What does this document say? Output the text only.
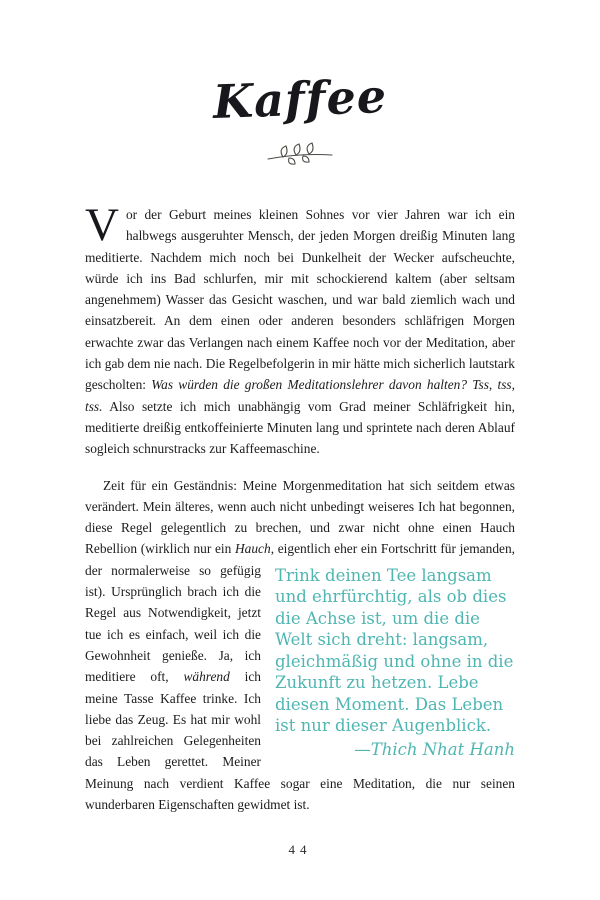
Kaffee

Vor der Geburt meines kleinen Sohnes vor vier Jahren war ich ein halbwegs ausgeruhter Mensch, der jeden Morgen dreißig Minuten lang meditierte. Nachdem mich noch bei Dunkelheit der Wecker aufscheuchte, würde ich ins Bad schlurfen, mir mit schockierend kaltem (aber seltsam angenehmem) Wasser das Gesicht waschen, und war bald ziemlich wach und einsatzbereit. An dem einen oder anderen besonders schläfrigen Morgen erwachte zwar das Verlangen nach einem Kaffee noch vor der Meditation, aber ich gab dem nie nach. Die Regelbefolgerin in mir hätte mich sicherlich lautstark gescholten: Was würden die großen Meditationslehrer davon halten? Tss, tss, tss. Also setzte ich mich unabhängig vom Grad meiner Schläfrigkeit hin, meditierte dreißig entkoffeinierte Minuten lang und sprintete nach deren Ablauf sogleich schnurstracks zur Kaffeemaschine.

Zeit für ein Geständnis: Meine Morgenmeditation hat sich seitdem etwas verändert. Mein älteres, wenn auch nicht unbedingt weiseres Ich hat begonnen, diese Regel gelegentlich zu brechen, und zwar nicht ohne einen Hauch Rebellion (wirklich nur ein Hauch, eigentlich eher ein Fortschritt für jemanden, der normalerweise	Trink deinen Tee langsam und ehrfürchtig, als ob dies die Achse ist, um die die Welt sich dreht: langsam, gleichmäßig und ohne in die Zukunft zu hetzen. Lebe diesen Moment. Das Leben ist nur dieser Augenblick.
—Thich Nhat Hanh
so gefügig ist). Ursprünglich brach ich die Regel aus Notwendigkeit, jetzt tue ich es einfach, weil ich die Gewohnheit genieße. Ja, ich meditiere oft, während ich meine Tasse Kaffee trinke. Ich liebe das Zeug. Es hat mir wohl bei zahlreichen Gelegenheiten das Leben gerettet. Meiner Meinung nach verdient Kaffee sogar eine Meditation, die nur seinen wunderbaren Eigenschaften gewidmet ist.

44
